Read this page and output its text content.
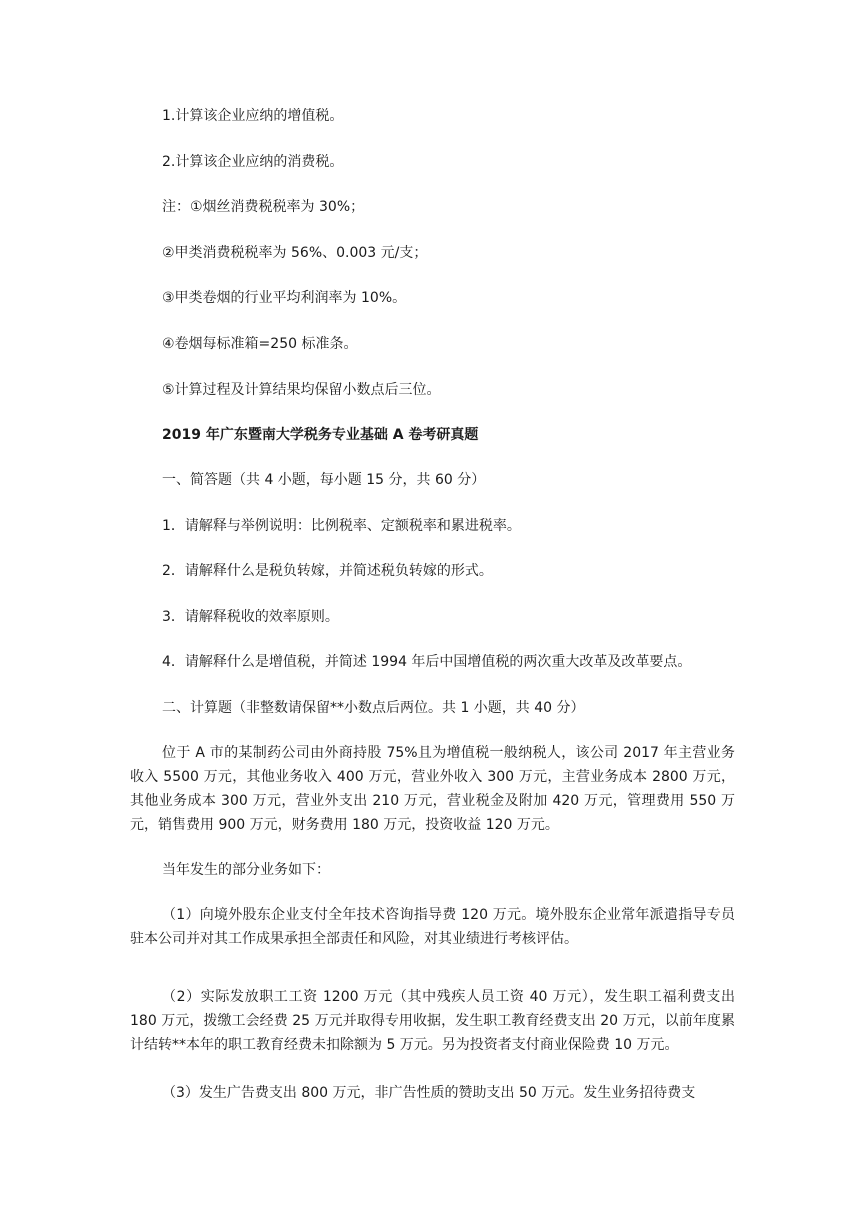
1.计算该企业应纳的增值税。
2.计算该企业应纳的消费税。
注：①烟丝消费税税率为 30%；
②甲类消费税税率为 56%、0.003 元/支；
③甲类卷烟的行业平均利润率为 10%。
④卷烟每标准箱=250 标准条。
⑤计算过程及计算结果均保留小数点后三位。
2019 年广东暨南大学税务专业基础 A 卷考研真题
一、简答题（共 4 小题，每小题 15 分，共 60 分）
1．请解释与举例说明：比例税率、定额税率和累进税率。
2．请解释什么是税负转嫁，并简述税负转嫁的形式。
3．请解释税收的效率原则。
4．请解释什么是增值税，并简述 1994 年后中国增值税的两次重大改革及改革要点。
二、计算题（非整数请保留**小数点后两位。共 1 小题，共 40 分）
位于 A 市的某制药公司由外商持股 75%且为增值税一般纳税人，该公司 2017 年主营业务收入 5500 万元，其他业务收入 400 万元，营业外收入 300 万元，主营业务成本 2800 万元，其他业务成本 300 万元，营业外支出 210 万元，营业税金及附加 420 万元，管理费用 550 万元，销售费用 900 万元，财务费用 180 万元，投资收益 120 万元。
当年发生的部分业务如下：
（1）向境外股东企业支付全年技术咨询指导费 120 万元。境外股东企业常年派遣指导专员驻本公司并对其工作成果承担全部责任和风险，对其业绩进行考核评估。
（2）实际发放职工工资 1200 万元（其中残疾人员工资 40 万元），发生职工福利费支出 180 万元，拨缴工会经费 25 万元并取得专用收据，发生职工教育经费支出 20 万元，以前年度累计结转**本年的职工教育经费未扣除额为 5 万元。另为投资者支付商业保险费 10 万元。
（3）发生广告费支出 800 万元，非广告性质的赞助支出 50 万元。发生业务招待费支
